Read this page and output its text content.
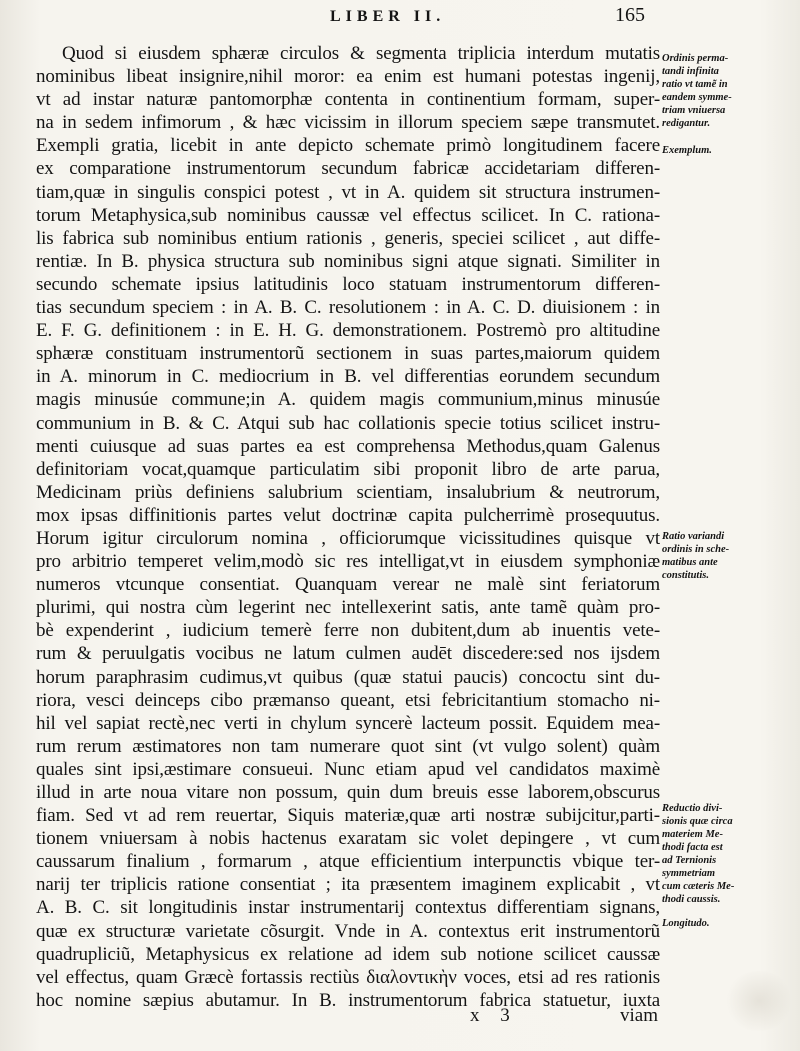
LIBER II.	165
Quod si eiusdem sphæræ circulos & segmenta triplicia interdum mutatis
nominibus libeat insignire,nihil moror: ea enim est humani potestas ingenij,
vt ad instar naturæ pantomorphæ contenta in continentium formam, super-
na in sedem infimorum , & hæc vicissim in illorum speciem sæpe transmutet.
Exempli gratia, licebit in ante depicto schemate primò longitudinem facere
ex comparatione instrumentorum secundum fabricæ accidetariam differen-
tiam,quæ in singulis conspici potest , vt in A. quidem sit structura instrumen-
torum Metaphysica,sub nominibus caussæ vel effectus scilicet. In C. rationa-
lis fabrica sub nominibus entium rationis , generis, speciei scilicet , aut diffe-
rentiæ. In B. physica structura sub nominibus signi atque signati. Similiter in
secundo schemate ipsius latitudinis loco statuam instrumentorum differen-
tias secundum speciem : in A. B. C. resolutionem : in A. C. D. diuisionem : in
E. F. G. definitionem : in E. H. G. demonstrationem. Postremò pro altitudine
sphæræ constituam instrumentorũ sectionem in suas partes,maiorum quidem
in A. minorum in C. mediocrium in B. vel differentias eorundem secundum
magis minusúe commune;in A. quidem magis communium,minus minusúe
communium in B. & C. Atqui sub hac collationis specie totius scilicet instru-
menti cuiusque ad suas partes ea est comprehensa Methodus,quam Galenus
definitoriam vocat,quamque particulatim sibi proponit libro de arte parua,
Medicinam priùs definiens salubrium scientiam, insalubrium & neutrorum,
mox ipsas diffinitionis partes velut doctrinæ capita pulcherrimè prosequutus.
Horum igitur circulorum nomina , officiorumque vicissitudines quisque vt
pro arbitrio temperet velim,modò sic res intelligat,vt in eiusdem symphoniæ
numeros vtcunque consentiat. Quanquam verear ne malè sint feriatorum
plurimi, qui nostra cùm legerint nec intellexerint satis, ante tamẽ quàm pro-
bè expenderint , iudicium temerè ferre non dubitent,dum ab inuentis vete-
rum & peruulgatis vocibus ne latum culmen audēt discedere:sed nos ijsdem
horum paraphrasim cudimus,vt quibus (quæ statui paucis) concoctu sint du-
riora, vesci deinceps cibo præmanso queant, etsi febricitantium stomacho ni-
hil vel sapiat rectè,nec verti in chylum syncerè lacteum possit. Equidem mea-
rum rerum æstimatores non tam numerare quot sint (vt vulgo solent) quàm
quales sint ipsi,æstimare consueui. Nunc etiam apud vel candidatos maximè
illud in arte noua vitare non possum, quin dum breuis esse laborem,obscurus
fiam. Sed vt ad rem reuertar, Siquis materiæ,quæ arti nostræ subijcitur,parti-
tionem vniuersam à nobis hactenus exaratam sic volet depingere , vt cum
caussarum finalium , formarum , atque efficientium interpunctis vbique ter-
narij ter triplicis ratione consentiat ; ita præsentem imaginem explicabit , vt
A. B. C. sit longitudinis instar instrumentarij contextus differentiam signans,
quæ ex structuræ varietate cõsurgit. Vnde in A. contextus erit instrumentorũ
quadrupliciũ, Metaphysicus ex relatione ad idem sub notione scilicet caussæ
vel effectus, quam Græcè fortassis rectiùs διαλοντικὴν voces, etsi ad res rationis
hoc nomine sæpius abutamur. In B. instrumentorum fabrica statuetur, iuxta
Ordinis perma-
tandi infinita
ratio vt tamẽ in
eandem symme-
triam vniuersa
redigantur.
Exemplum.
Ratio variandi
ordinis in sche-
matibus ante
constitutis.
Reductio divi-
sionis quæ circa
materiem Me-
thodi facta est
ad Ternionis
symmetriam
cum cæteris Me-
thodi caussis.
Longitudo.
x 3	viam
